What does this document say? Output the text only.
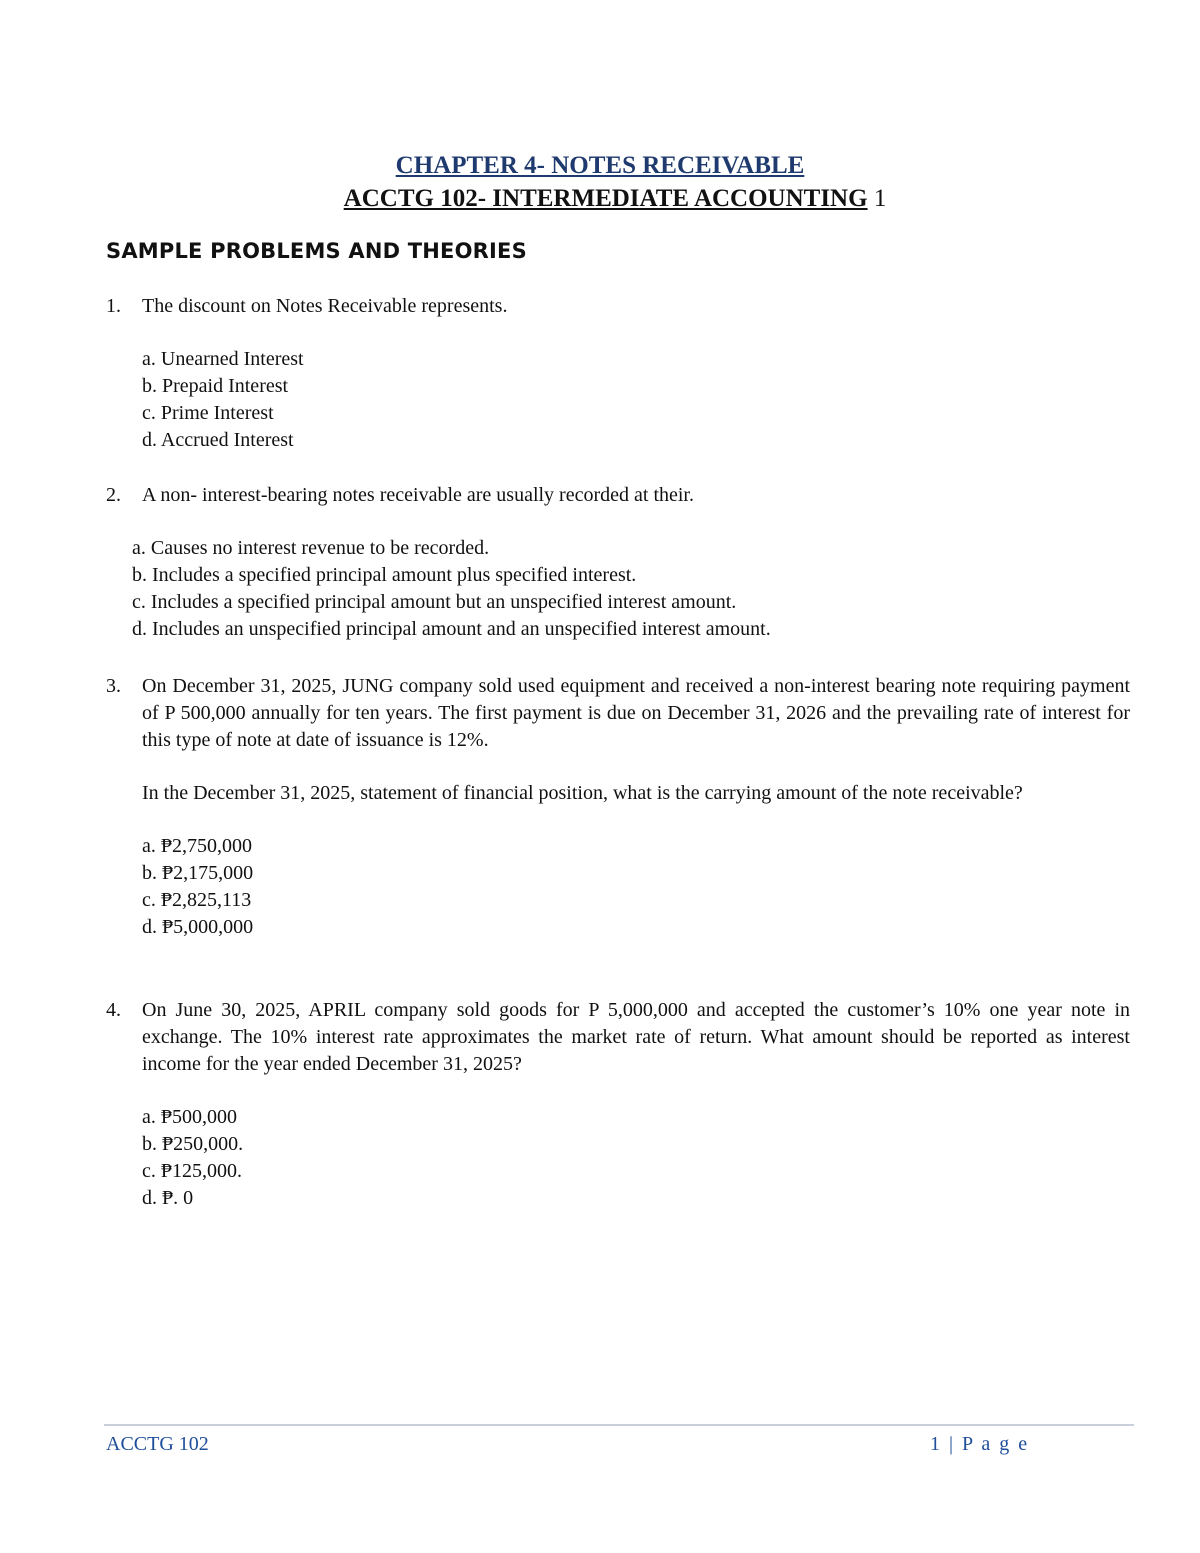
CHAPTER 4- NOTES RECEIVABLE
ACCTG 102- INTERMEDIATE ACCOUNTING 1
SAMPLE PROBLEMS AND THEORIES
1. The discount on Notes Receivable represents.

a. Unearned Interest
b. Prepaid Interest
c. Prime Interest
d. Accrued Interest
2. A non- interest-bearing notes receivable are usually recorded at their.

a. Causes no interest revenue to be recorded.
b. Includes a specified principal amount plus specified interest.
c. Includes a specified principal amount but an unspecified interest amount.
d. Includes an unspecified principal amount and an unspecified interest amount.
3. On December 31, 2025, JUNG company sold used equipment and received a non-interest bearing note requiring payment of P 500,000 annually for ten years. The first payment is due on December 31, 2026 and the prevailing rate of interest for this type of note at date of issuance is 12%.

In the December 31, 2025, statement of financial position, what is the carrying amount of the note receivable?

a. ₱2,750,000
b. ₱2,175,000
c. ₱2,825,113
d. ₱5,000,000
4. On June 30, 2025, APRIL company sold goods for P 5,000,000 and accepted the customer’s 10% one year note in exchange. The 10% interest rate approximates the market rate of return. What amount should be reported as interest income for the year ended December 31, 2025?

a. ₱500,000
b. ₱250,000.
c. ₱125,000.
d. ₱. 0
ACCTG 102	1 | P a g e
